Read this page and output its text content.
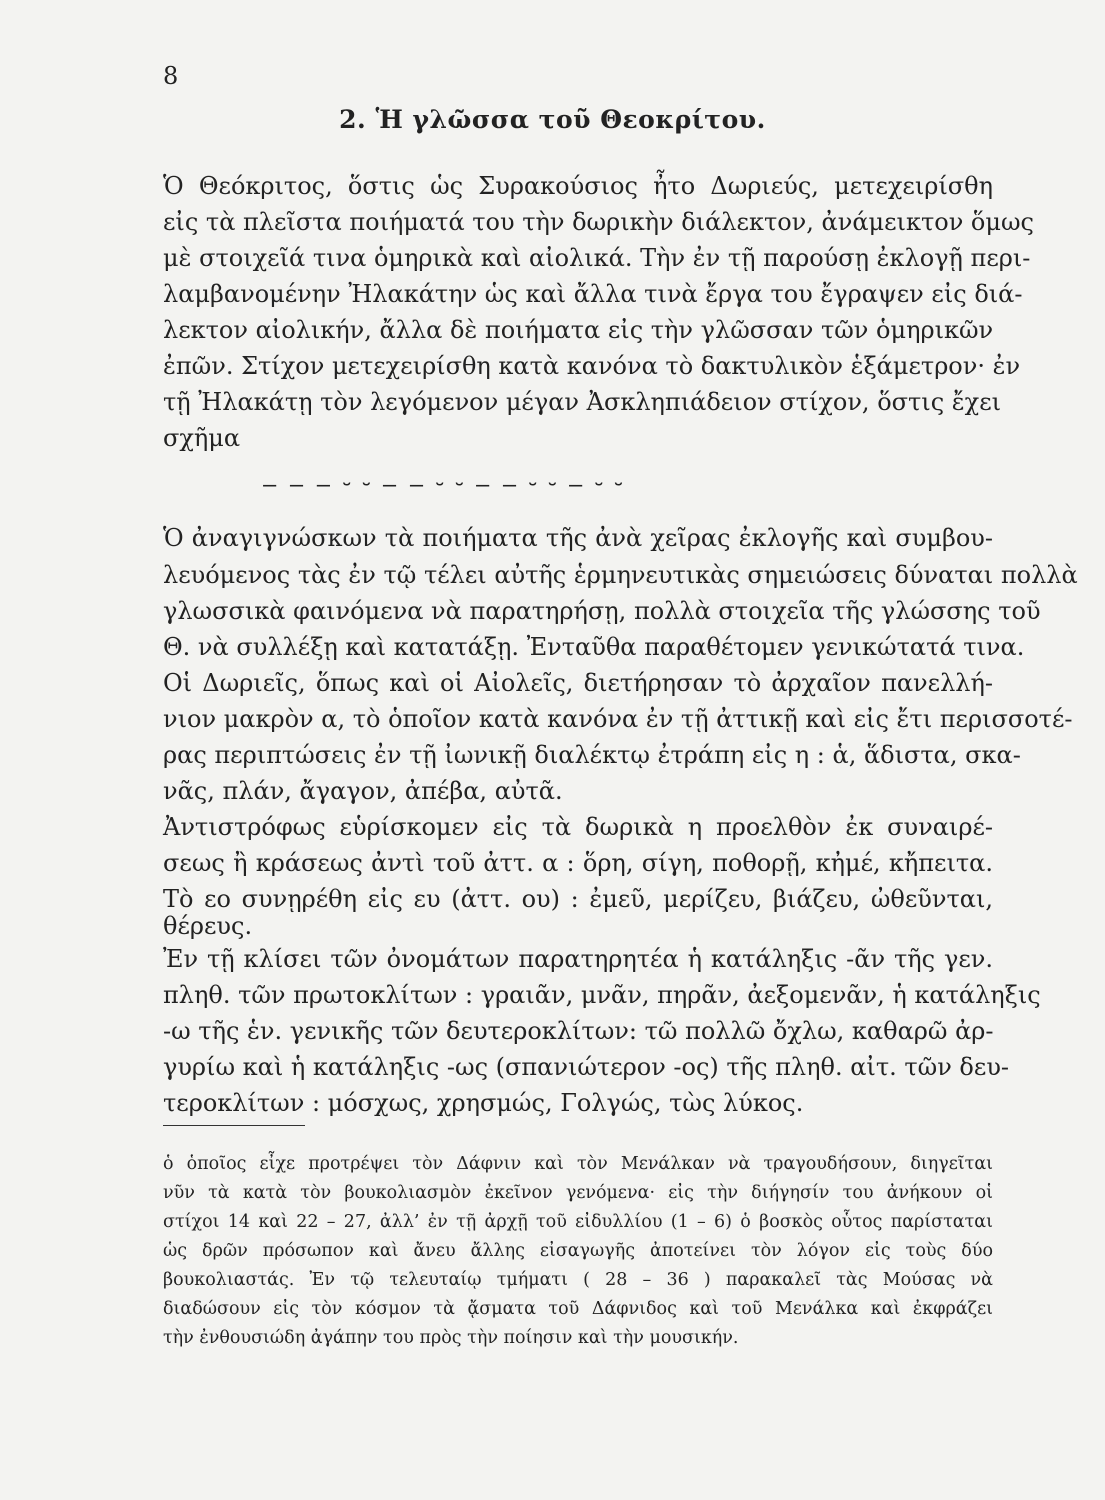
8
2. Ἡ γλῶσσα τοῦ Θεοκρίτου.
Ὁ Θεόκριτος, ὅστις ὡς Συρακούσιος ἦτο Δωριεύς, μετεχειρίσθη
εἰς τὰ πλεῖστα ποιήματά του τὴν δωρικὴν διάλεκτον, ἀνάμεικτον ὅμως
μὲ στοιχεῖά τινα ὁμηρικὰ καὶ αἰολικά. Τὴν ἐν τῇ παρούσῃ ἐκλογῇ περι-
λαμβανομένην Ἠλακάτην ὡς καὶ ἄλλα τινὰ ἔργα του ἔγραψεν εἰς διά-
λεκτον αἰολικήν, ἄλλα δὲ ποιήματα εἰς τὴν γλῶσσαν τῶν ὁμηρικῶν
ἐπῶν. Στίχον μετεχειρίσθη κατὰ κανόνα τὸ δακτυλικὸν ἑξάμετρον· ἐν
τῇ Ἠλακάτῃ τὸν λεγόμενον μέγαν Ἀσκληπιάδειον στίχον, ὅστις ἔχει
σχῆμα
Ὁ ἀναγιγνώσκων τὰ ποιήματα τῆς ἀνὰ χεῖρας ἐκλογῆς καὶ συμβου-
λευόμενος τὰς ἐν τῷ τέλει αὐτῆς ἑρμηνευτικὰς σημειώσεις δύναται πολλὰ
γλωσσικὰ φαινόμενα νὰ παρατηρήσῃ, πολλὰ στοιχεῖα τῆς γλώσσης τοῦ
Θ. νὰ συλλέξῃ καὶ κατατάξῃ. Ἐνταῦθα παραθέτομεν γενικώτατά τινα.
Οἱ Δωριεῖς, ὅπως καὶ οἱ Αἰολεῖς, διετήρησαν τὸ ἀρχαῖον πανελλή-
νιον μακρὸν α, τὸ ὁποῖον κατὰ κανόνα ἐν τῇ ἀττικῇ καὶ εἰς ἔτι περισσοτέ-
ρας περιπτώσεις ἐν τῇ ἰωνικῇ διαλέκτῳ ἐτράπη εἰς η : ἁ, ἅδιστα, σκα-
νᾶς, πλάν, ἄγαγον, ἀπέβα, αὐτᾶ.
Ἀντιστρόφως εὑρίσκομεν εἰς τὰ δωρικὰ η προελθὸν ἐκ συναιρέ-
σεως ἢ κράσεως ἀντὶ τοῦ ἀττ. α : ὅρη, σίγη, ποθορῇ, κἠμέ, κἤπειτα.
Τὸ εο συνῃρέθη εἰς ευ (ἀττ. ου) : ἐμεῦ, μερίζευ, βιάζευ, ὠθεῦνται,
θέρευς.
Ἐν τῇ κλίσει τῶν ὀνομάτων παρατηρητέα ἡ κατάληξις -ᾶν τῆς γεν.
πληθ. τῶν πρωτοκλίτων : γραιᾶν, μνᾶν, πηρᾶν, ἀεξομενᾶν, ἡ κατάληξις
-ω τῆς ἑν. γενικῆς τῶν δευτεροκλίτων: τῶ πολλῶ ὄχλω, καθαρῶ ἀρ-
γυρίω καὶ ἡ κατάληξις -ως (σπανιώτερον -ος) τῆς πληθ. αἰτ. τῶν δευ-
τεροκλίτων : μόσχως, χρησμώς, Γολγώς, τὼς λύκος.
‒ ‒ ‒ ⏑ ⏑ ‒ ‒ ⏑ ⏑ ‒ ‒ ⏑ ⏑ ‒ ⏑ ⏑
ὁ ὁποῖος εἶχε προτρέψει τὸν Δάφνιν καὶ τὸν Μενάλκαν νὰ τραγουδήσουν, διηγεῖται
νῦν τὰ κατὰ τὸν βουκολιασμὸν ἐκεῖνον γενόμενα· εἰς τὴν διήγησίν του ἀνήκουν οἱ
στίχοι 14 καὶ 22 – 27, ἀλλ’ ἐν τῇ ἀρχῇ τοῦ εἰδυλλίου (1 – 6) ὁ βοσκὸς οὗτος παρίσταται
ὡς δρῶν πρόσωπον καὶ ἄνευ ἄλλης εἰσαγωγῆς ἀποτείνει τὸν λόγον εἰς τοὺς δύο
βουκολιαστάς. Ἐν τῷ τελευταίῳ τμήματι ( 28 – 36 ) παρακαλεῖ τὰς Μούσας νὰ
διαδώσουν εἰς τὸν κόσμον τὰ ᾄσματα τοῦ Δάφνιδος καὶ τοῦ Μενάλκα καὶ ἐκφράζει
τὴν ἐνθουσιώδη ἀγάπην του πρὸς τὴν ποίησιν καὶ τὴν μουσικήν.
